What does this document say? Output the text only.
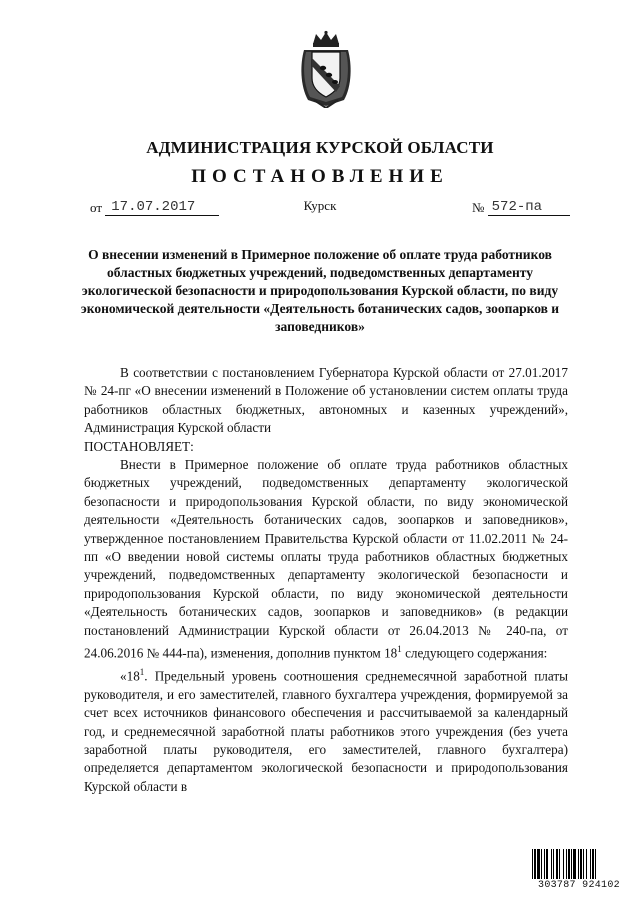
АДМИНИСТРАЦИЯ КУРСКОЙ ОБЛАСТИ
ПОСТАНОВЛЕНИЕ
от 17.07.2017	Курск	№ 572-па
О внесении изменений в Примерное положение об оплате труда работников областных бюджетных учреждений, подведомственных департаменту экологической безопасности и природопользования Курской области, по виду экономической деятельности «Деятельность ботанических садов, зоопарков и заповедников»

В соответствии с постановлением Губернатора Курской области от 27.01.2017 № 24-пг «О внесении изменений в Положение об установлении систем оплаты труда работников областных бюджетных, автономных и казенных учреждений», Администрация Курской области

ПОСТАНОВЛЯЕТ:

Внести в Примерное положение об оплате труда работников областных бюджетных учреждений, подведомственных департаменту экологической безопасности и природопользования Курской области, по виду экономической деятельности «Деятельность ботанических садов, зоопарков и заповедников», утвержденное постановлением Правительства Курской области от 11.02.2011 № 24-пп «О введении новой системы оплаты труда работников областных бюджетных учреждений, подведомственных департаменту экологической безопасности и природопользования Курской области, по виду экономической деятельности «Деятельность ботанических садов, зоопарков и заповедников» (в редакции постановлений Администрации Курской области от 26.04.2013 № 240-па, от 24.06.2016 № 444-па), изменения, дополнив пунктом $18^1$ следующего содержания:

«$18^1$. Предельный уровень соотношения среднемесячной заработной платы руководителя, и его заместителей, главного бухгалтера учреждения, формируемой за счет всех источников финансового обеспечения и рассчитываемой за календарный год, и среднемесячной заработной платы работников этого учреждения (без учета заработной платы руководителя, его заместителей, главного бухгалтера) определяется департаментом экологической безопасности и природопользования Курской области в

303787 924102
